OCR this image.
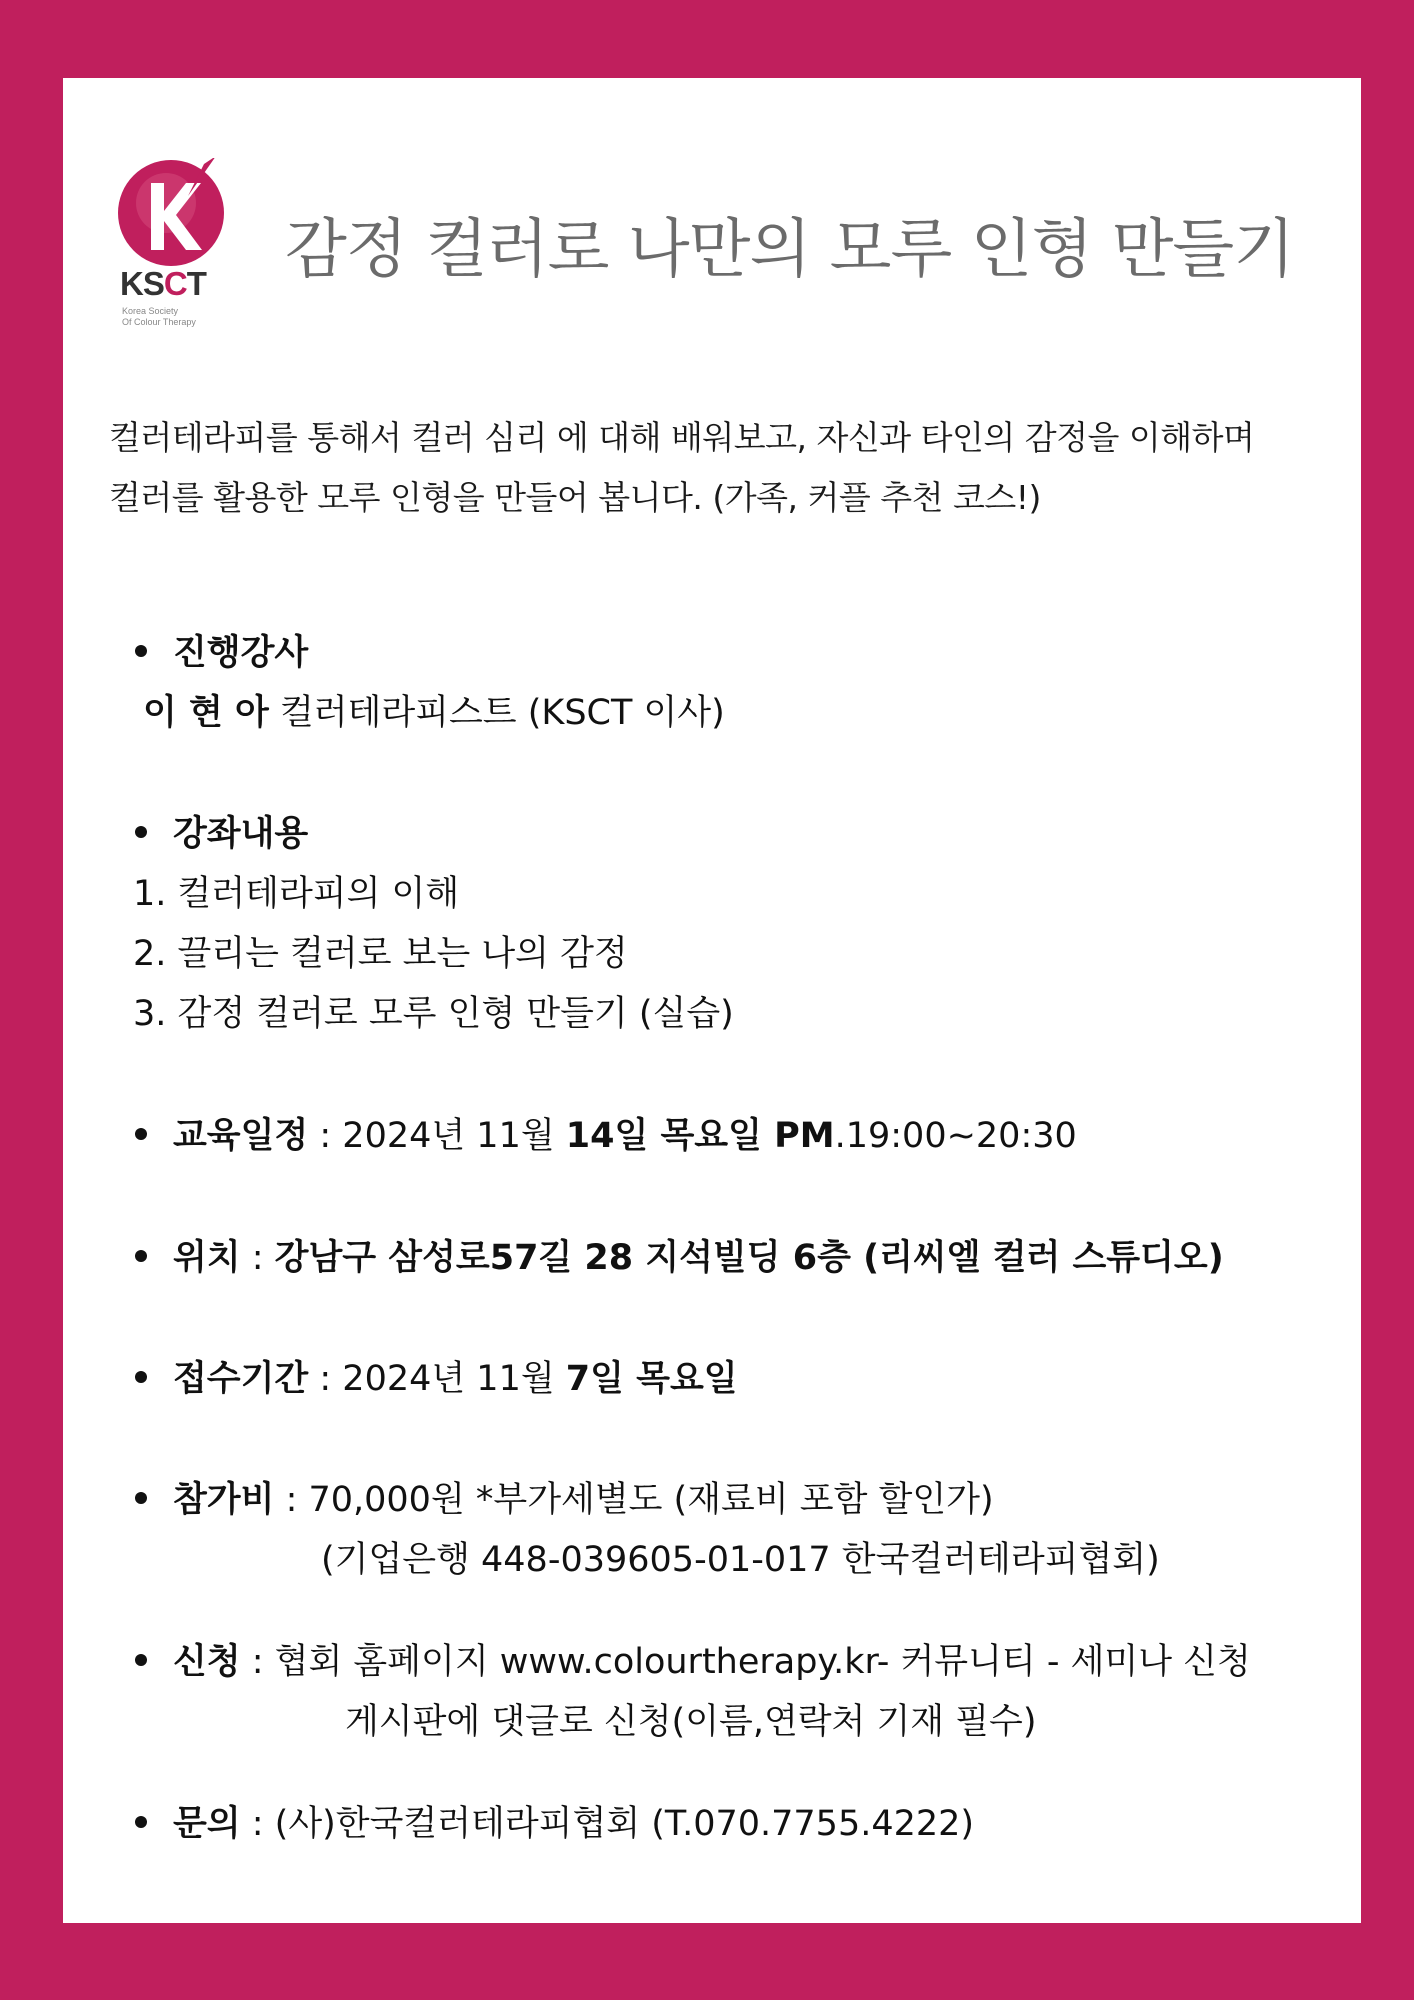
KSCT
Korea Society
Of Colour Therapy
감정 컬러로 나만의 모루 인형 만들기

컬러테라피를 통해서 컬러 심리 에 대해 배워보고, 자신과 타인의 감정을 이해하며

컬러를 활용한 모루 인형을 만들어 봅니다. (가족, 커플 추천 코스!)

진행강사
이 현 아 컬러테라피스트 (KSCT 이사)
강좌내용
1. 컬러테라피의 이해
2. 끌리는 컬러로 보는 나의 감정
3. 감정 컬러로 모루 인형 만들기 (실습)
교육일정 : 2024년 11월 14일 목요일 PM.19:00~20:30
위치 : 강남구 삼성로57길 28 지석빌딩 6층 (리씨엘 컬러 스튜디오)
접수기간 : 2024년 11월 7일 목요일
참가비 : 70,000원 *부가세별도 (재료비 포함 할인가)
(기업은행 448-039605-01-017 한국컬러테라피협회)
신청 : 협회 홈페이지 www.colourtherapy.kr- 커뮤니티 - 세미나 신청
게시판에 댓글로 신청(이름,연락처 기재 필수)
문의 : (사)한국컬러테라피협회 (T.070.7755.4222)
